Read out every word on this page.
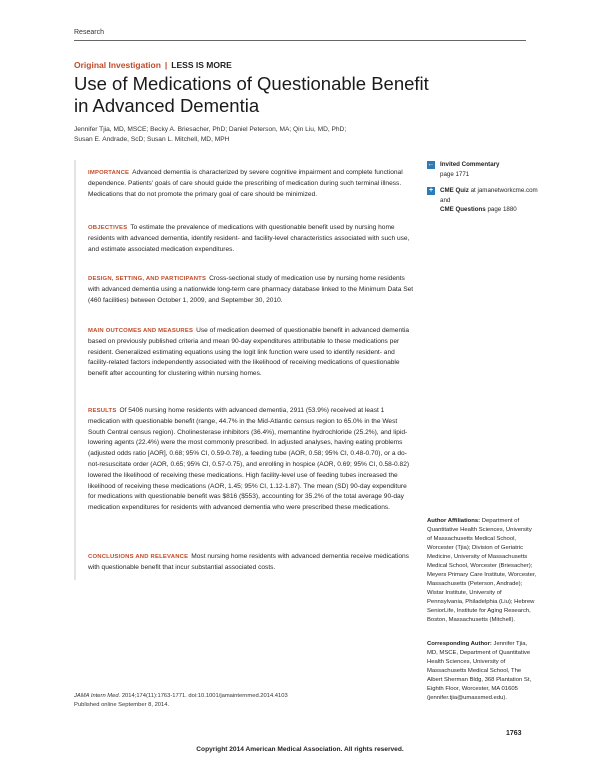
Research
Original Investigation | LESS IS MORE
Use of Medications of Questionable Benefit
in Advanced Dementia
Jennifer Tjia, MD, MSCE; Becky A. Briesacher, PhD; Daniel Peterson, MA; Qin Liu, MD, PhD;
Susan E. Andrade, ScD; Susan L. Mitchell, MD, MPH

IMPORTANCE Advanced dementia is characterized by severe cognitive impairment and complete functional dependence. Patients' goals of care should guide the prescribing of medication during such terminal illness. Medications that do not promote the primary goal of care should be minimized.

OBJECTIVES To estimate the prevalence of medications with questionable benefit used by nursing home residents with advanced dementia, identify resident- and facility-level characteristics associated with such use, and estimate associated medication expenditures.

DESIGN, SETTING, AND PARTICIPANTS Cross-sectional study of medication use by nursing home residents with advanced dementia using a nationwide long-term care pharmacy database linked to the Minimum Data Set (460 facilities) between October 1, 2009, and September 30, 2010.

MAIN OUTCOMES AND MEASURES Use of medication deemed of questionable benefit in advanced dementia based on previously published criteria and mean 90-day expenditures attributable to these medications per resident. Generalized estimating equations using the logit link function were used to identify resident- and facility-related factors independently associated with the likelihood of receiving medications of questionable benefit after accounting for clustering within nursing homes.

RESULTS Of 5406 nursing home residents with advanced dementia, 2911 (53.9%) received at least 1 medication with questionable benefit (range, 44.7% in the Mid-Atlantic census region to 65.0% in the West South Central census region). Cholinesterase inhibitors (36.4%), memantine hydrochloride (25.2%), and lipid-lowering agents (22.4%) were the most commonly prescribed. In adjusted analyses, having eating problems (adjusted odds ratio [AOR], 0.68; 95% CI, 0.59-0.78), a feeding tube (AOR, 0.58; 95% CI, 0.48-0.70), or a do-not-resuscitate order (AOR, 0.65; 95% CI, 0.57-0.75), and enrolling in hospice (AOR, 0.69; 95% CI, 0.58-0.82) lowered the likelihood of receiving these medications. High facility-level use of feeding tubes increased the likelihood of receiving these medications (AOR, 1.45; 95% CI, 1.12-1.87). The mean (SD) 90-day expenditure for medications with questionable benefit was $816 ($553), accounting for 35.2% of the total average 90-day medication expenditures for residents with advanced dementia who were prescribed these medications.

CONCLUSIONS AND RELEVANCE Most nursing home residents with advanced dementia receive medications with questionable benefit that incur substantial associated costs.

← Invited Commentary
page 1771
+	CME Quiz at jamanetworkcme.com and
CME Questions page 1880
Author Affiliations: Department of Quantitative Health Sciences, University of Massachusetts Medical School, Worcester (Tjia); Division of Geriatric Medicine, University of Massachusetts Medical School, Worcester (Briesacher); Meyers Primary Care Institute, Worcester, Massachusetts (Peterson, Andrade); Wistar Institute, University of Pennsylvania, Philadelphia (Liu); Hebrew SeniorLife, Institute for Aging Research, Boston, Massachusetts (Mitchell).
Corresponding Author: Jennifer Tjia, MD, MSCE, Department of Quantitative Health Sciences, University of Massachusetts Medical School, The Albert Sherman Bldg, 368 Plantation St, Eighth Floor, Worcester, MA 01605 (jennifer.tjia@umassmed.edu).
JAMA Intern Med. 2014;174(11):1763-1771. doi:10.1001/jamainternmed.2014.4103
Published online September 8, 2014.
1763
Copyright 2014 American Medical Association. All rights reserved.
